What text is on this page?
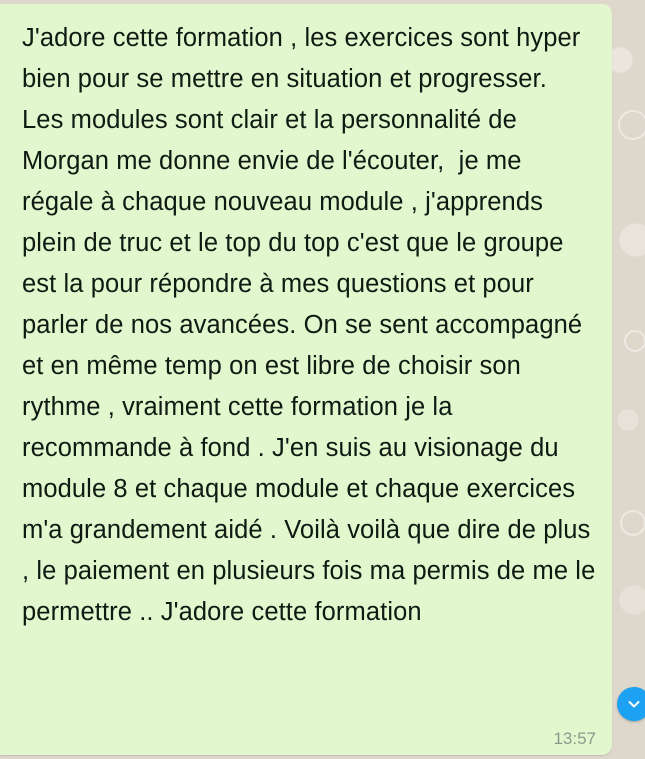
J'adore cette formation , les exercices sont hyper bien pour se mettre en situation et progresser.  Les modules sont clair et la personnalité de Morgan me donne envie de l'écouter,  je me régale à chaque nouveau module , j'apprends plein de truc et le top du top c'est que le groupe est la pour répondre à mes questions et pour parler de nos avancées. On se sent accompagné et en même temp on est libre de choisir son rythme , vraiment cette formation je la recommande à fond . J'en suis au visionage du module 8 et chaque module et chaque exercices m'a grandement aidé . Voilà voilà que dire de plus , le paiement en plusieurs fois ma permis de me le permettre .. J'adore cette formation

13:57
